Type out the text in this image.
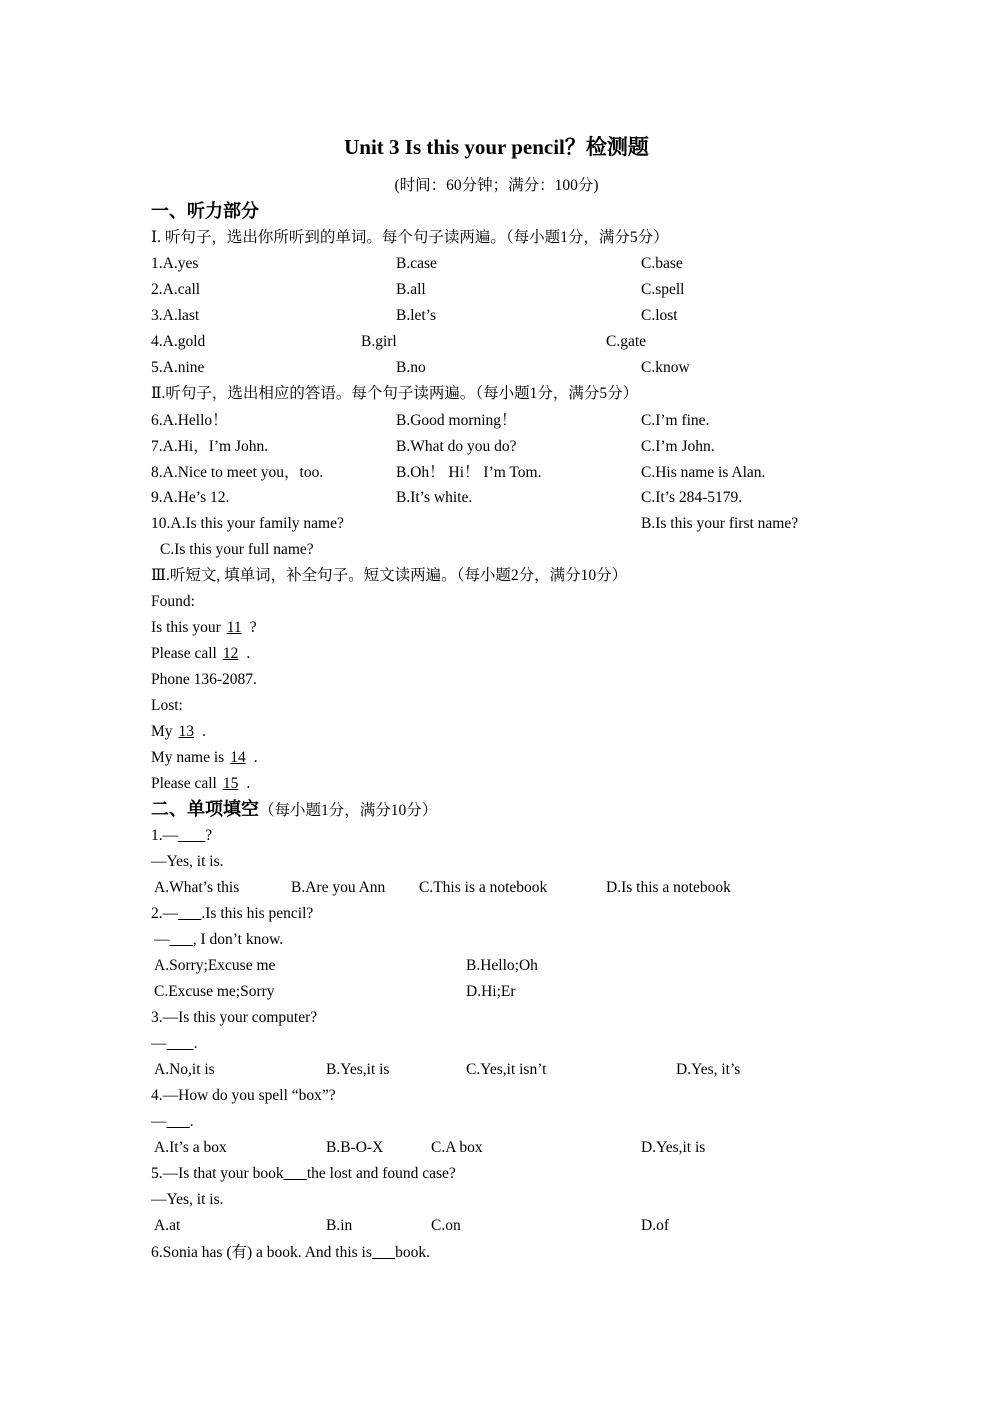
Unit 3 Is this your pencil？检测题
(时间：60分钟；满分：100分)
一、听力部分
Ⅰ. 听句子，选出你所听到的单词。每个句子读两遍。（每小题1分，满分5分）
1.A.yes	B.case	C.base
2.A.call	B.all	C.spell
3.A.last	B.let’s	C.lost
4.A.gold	B.girl	C.gate
5.A.nine	B.no	C.know
Ⅱ.听句子，选出相应的答语。每个句子读两遍。（每小题1分，满分5分）
6.A.Hello！	B.Good morning！	C.I’m fine.
7.A.Hi，I’m John.	B.What do you do?	C.I’m John.
8.A.Nice to meet you，too.	B.Oh！ Hi！ I’m Tom.	C.His name is Alan.
9.A.He’s 12.	B.It’s white.	C.It’s 284-5179.
10.A.Is this your family name?	B.Is this your first name?
C.Is this your full name?
Ⅲ.听短文, 填单词，补全句子。短文读两遍。（每小题2分，满分10分）
Found:
Is this your 11 ?
Please call 12 .
Phone 136-2087.
Lost:
My 13 .
My name is 14 .
Please call 15 .
二、单项填空（每小题1分，满分10分）
1.— ?
—Yes, it is.
A.What’s this	B.Are you Ann C.This is a notebook	D.Is this a notebook
2.— .Is this his pencil?
— , I don’t know.
A.Sorry;Excuse me	B.Hello;Oh
C.Excuse me;Sorry	D.Hi;Er
3.—Is this your computer?
— .
A.No,it is	B.Yes,it is	C.Yes,it isn’t	D.Yes, it’s
4.—How do you spell “box”?
— .
A.It’s a box	B.B-O-X	C.A box	D.Yes,it is
5.—Is that your book the lost and found case?
—Yes, it is.
A.at	B.in	C.on	D.of
6.Sonia has (有) a book. And this is book.
